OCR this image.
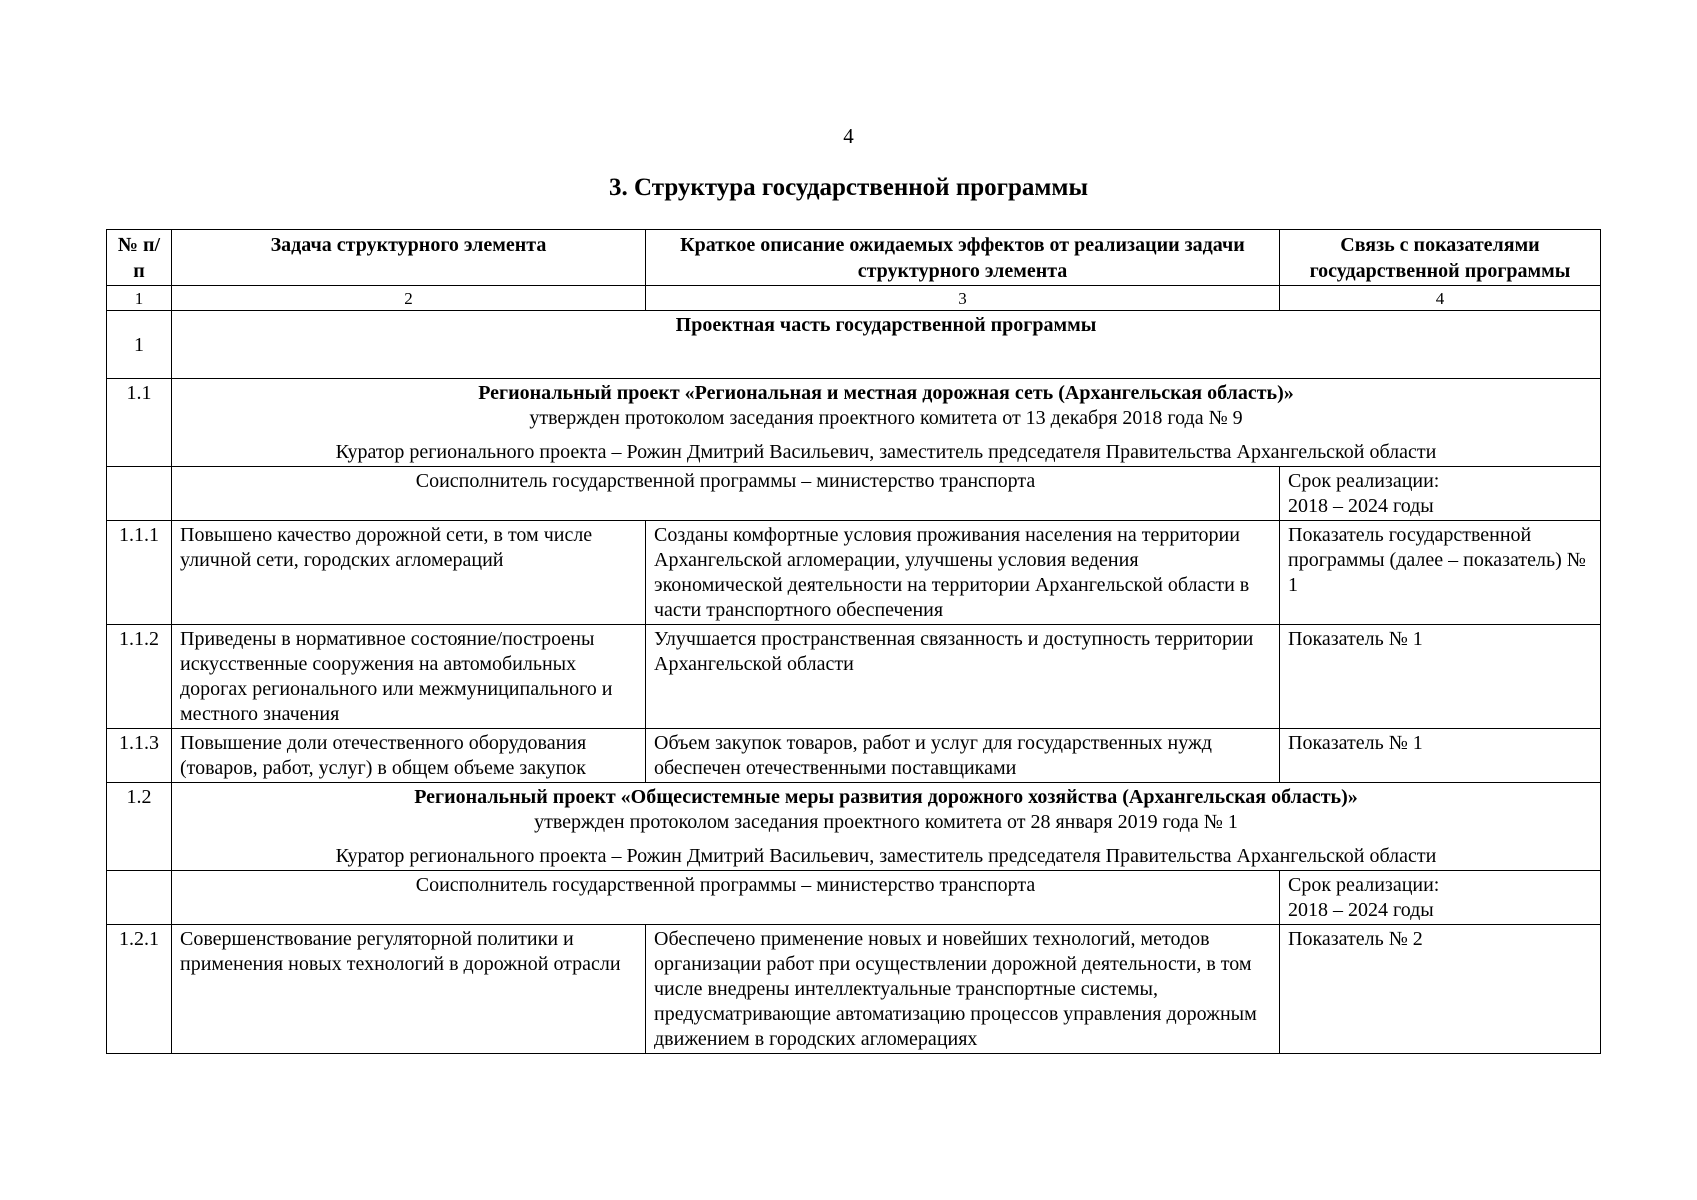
4
3. Структура государственной программы
№ п/п	Задача структурного элемента	Краткое описание ожидаемых эффектов от реализации задачи структурного элемента	Связь с показателями государственной программы
1	2	3	4
1	Проектная часть государственной программы		
1.1	Региональный проект «Региональная и местная дорожная сеть (Архангельская область)»
утвержден протоколом заседания проектного комитета от 13 декабря 2018 года № 9
Куратор регионального проекта – Рожин Дмитрий Васильевич, заместитель председателя Правительства Архангельской области		

	Соисполнитель государственной программы – министерство транспорта		Срок реализации:
2018 – 2024 годы

1.1.1	Повышено качество дорожной сети, в том числе уличной сети, городских агломераций	Созданы комфортные условия проживания населения на территории Архангельской агломерации, улучшены условия ведения экономической деятельности на территории Архангельской области в части транспортного обеспечения	Показатель государственной программы (далее – показатель) № 1
1.1.2	Приведены в нормативное состояние/построены искусственные сооружения на автомобильных дорогах регионального или межмуниципального и местного значения	Улучшается пространственная связанность и доступность территории Архангельской области	Показатель № 1
1.1.3	Повышение доли отечественного оборудования (товаров, работ, услуг) в общем объеме закупок	Объем закупок товаров, работ и услуг для государственных нужд обеспечен отечественными поставщиками	Показатель № 1
1.2	Региональный проект «Общесистемные меры развития дорожного хозяйства (Архангельская область)»
утвержден протоколом заседания проектного комитета от 28 января 2019 года № 1
Куратор регионального проекта – Рожин Дмитрий Васильевич, заместитель председателя Правительства Архангельской области		

	Соисполнитель государственной программы – министерство транспорта		Срок реализации:
2018 – 2024 годы

1.2.1	Совершенствование регуляторной политики и применения новых технологий в дорожной отрасли	Обеспечено применение новых и новейших технологий, методов организации работ при осуществлении дорожной деятельности, в том числе внедрены интеллектуальные транспортные системы, предусматривающие автоматизацию процессов управления дорожным движением в городских агломерациях	Показатель № 2
